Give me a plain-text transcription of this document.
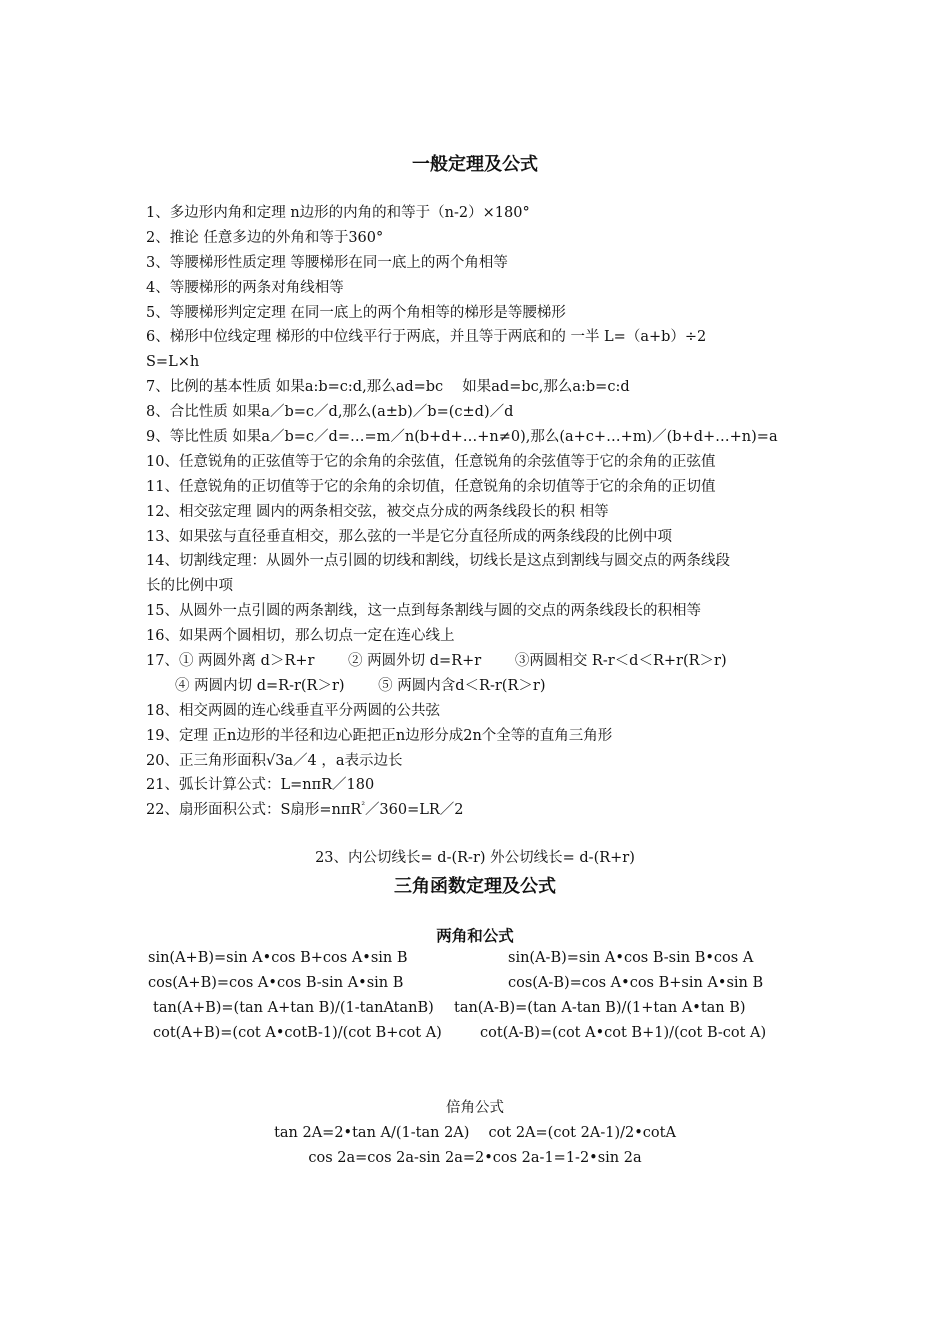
一般定理及公式
1、多边形内角和定理 n边形的内角的和等于（n-2）×180°
2、推论 任意多边的外角和等于360°
3、等腰梯形性质定理 等腰梯形在同一底上的两个角相等
4、等腰梯形的两条对角线相等
5、等腰梯形判定定理 在同一底上的两个角相等的梯形是等腰梯形
6、梯形中位线定理 梯形的中位线平行于两底，并且等于两底和的 一半 L=（a+b）÷2
S=L×h
7、比例的基本性质 如果a:b=c:d,那么ad=bc　 如果ad=bc,那么a:b=c:d
8、合比性质 如果a／b=c／d,那么(a±b)／b=(c±d)／d
9、等比性质 如果a／b=c／d=…=m／n(b+d+…+n≠0),那么(a+c+…+m)／(b+d+…+n)=a
10、任意锐角的正弦值等于它的余角的余弦值，任意锐角的余弦值等于它的余角的正弦值
11、任意锐角的正切值等于它的余角的余切值，任意锐角的余切值等于它的余角的正切值
12、相交弦定理 圆内的两条相交弦，被交点分成的两条线段长的积 相等
13、如果弦与直径垂直相交，那么弦的一半是它分直径所成的两条线段的比例中项
14、切割线定理：从圆外一点引圆的切线和割线，切线长是这点到割线与圆交点的两条线段
长的比例中项
15、从圆外一点引圆的两条割线，这一点到每条割线与圆的交点的两条线段长的积相等
16、如果两个圆相切，那么切点一定在连心线上
17、① 两圆外离 d＞R+r　　 ② 两圆外切 d=R+r　　 ③两圆相交 R-r＜d＜R+r(R＞r)
④ 两圆内切 d=R-r(R＞r)　　 ⑤ 两圆内含d＜R-r(R＞r)
18、相交两圆的连心线垂直平分两圆的公共弦
19、定理 正n边形的半径和边心距把正n边形分成2n个全等的直角三角形
20、正三角形面积√3a／4 ，a表示边长
21、弧长计算公式：L=nπR／180
22、扇形面积公式：S扇形=nπR$^{^2}$／360=LR／2
23、内公切线长= d-(R-r) 外公切线长= d-(R+r)
三角函数定理及公式
两角和公式
sin(A+B)=sin A•cos B+cos A•sin B	sin(A-B)=sin A•cos B-sin B•cos A
cos(A+B)=cos A•cos B-sin A•sin B	cos(A-B)=cos A•cos B+sin A•sin B
tan(A+B)=(tan A+tan B)/(1-tanAtanB) tan(A-B)=(tan A-tan B)/(1+tan A•tan B)
cot(A+B)=(cot A•cotB-1)/(cot B+cot A)	cot(A-B)=(cot A•cot B+1)/(cot B-cot A)
倍角公式
tan 2A=2•tan A/(1-tan 2A)　 cot 2A=(cot 2A-1)/2•cotA
cos 2a=cos 2a-sin 2a=2•cos 2a-1=1-2•sin 2a
